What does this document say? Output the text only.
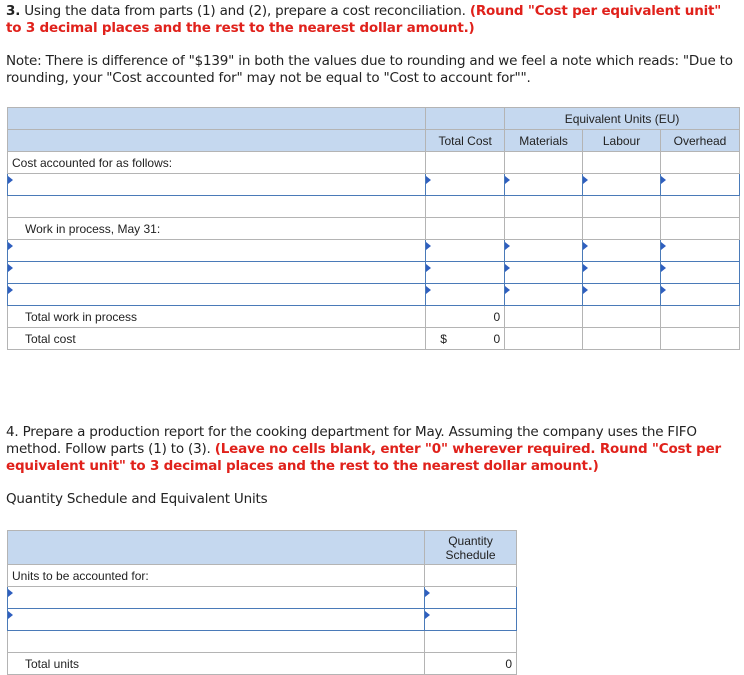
3. Using the data from parts (1) and (2), prepare a cost reconciliation. (Round "Cost per equivalent unit" to 3 decimal places and the rest to the nearest dollar amount.)
Note: There is difference of "$139" in both the values due to rounding and we feel a note which reads: "Due to rounding, your "Cost accounted for" may not be equal to "Cost to account for"".
		Equivalent Units (EU)		
	Total Cost	Materials	Labour	Overhead
Cost accounted for as follows:				

Work in process, May 31:				

Total work in process	0			
Total cost	$ 0			

4. Prepare a production report for the cooking department for May. Assuming the company uses the FIFO method. Follow parts (1) to (3). (Leave no cells blank, enter "0" wherever required. Round "Cost per equivalent unit" to 3 decimal places and the rest to the nearest dollar amount.)
Quantity Schedule and Equivalent Units
	Quantity Schedule
Units to be accounted for:	

Total units	0
